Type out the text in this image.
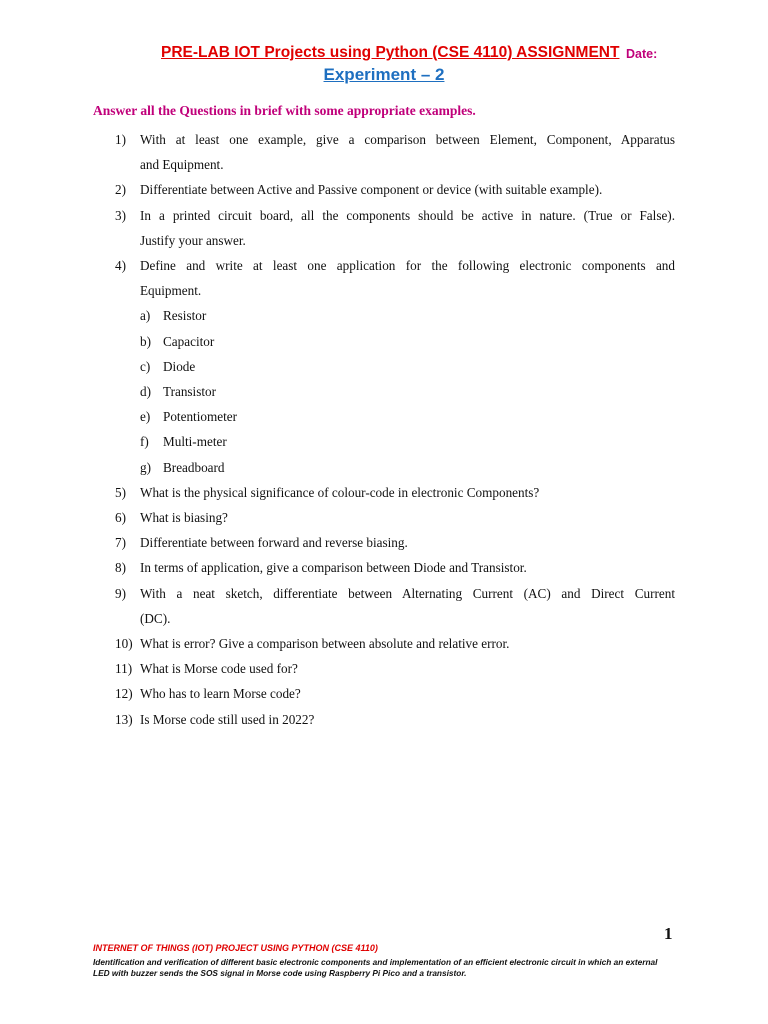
PRE-LAB IOT Projects using Python (CSE 4110) ASSIGNMENT Date:
Experiment – 2
Answer all the Questions in brief with some appropriate examples.
1) With at least one example, give a comparison between Element, Component, Apparatus
and Equipment.
2) Differentiate between Active and Passive component or device (with suitable example).
3) In a printed circuit board, all the components should be active in nature. (True or False).
Justify your answer.
4) Define and write at least one application for the following electronic components and
Equipment.
a) Resistor
b) Capacitor
c) Diode
d) Transistor
e) Potentiometer
f) Multi-meter
g) Breadboard
5) What is the physical significance of colour-code in electronic Components?
6) What is biasing?
7) Differentiate between forward and reverse biasing.
8) In terms of application, give a comparison between Diode and Transistor.
9) With a neat sketch, differentiate between Alternating Current (AC) and Direct Current
(DC).
10) What is error? Give a comparison between absolute and relative error.
11) What is Morse code used for?
12) Who has to learn Morse code?
13) Is Morse code still used in 2022?
1
INTERNET OF THINGS (IOT) PROJECT USING PYTHON (CSE 4110)
Identification and verification of different basic electronic components and implementation of an efficient electronic circuit in which an external LED with buzzer sends the SOS signal in Morse code using Raspberry Pi Pico and a transistor.
